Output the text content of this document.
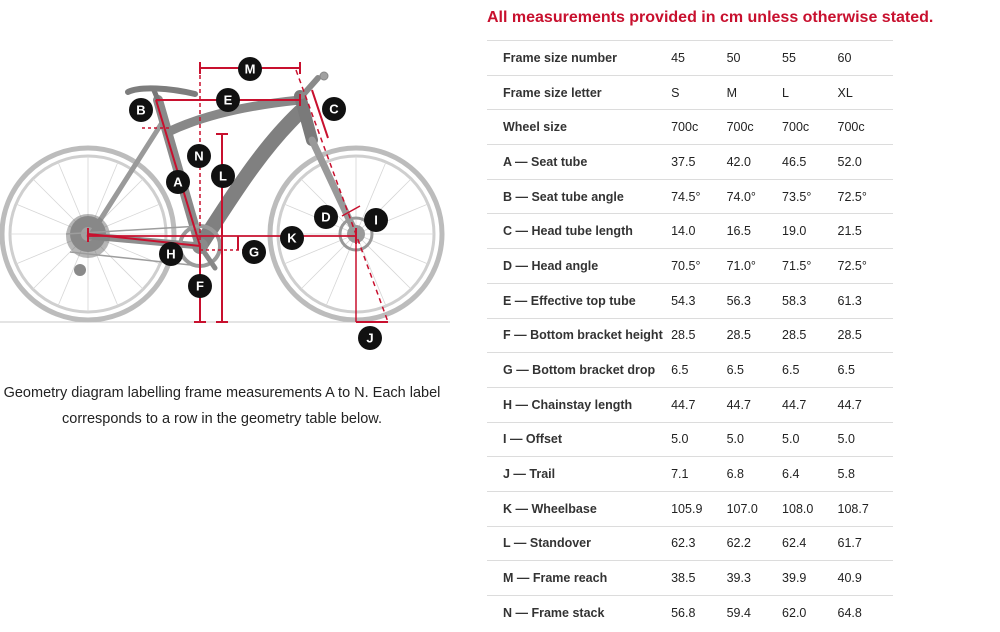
M
B
E
C
N
L
A
D	I
K
G
H
F
J
Geometry diagram labelling frame measurements A to N. Each label corresponds to a row in the geometry table below.
All measurements provided in cm unless otherwise stated.
Frame size number	45	50	55	60
Frame size letter	S	M	L	XL
Wheel size	700c	700c	700c	700c
A — Seat tube	37.5	42.0	46.5	52.0
B — Seat tube angle	74.5°	74.0°	73.5°	72.5°
C — Head tube length	14.0	16.5	19.0	21.5
D — Head angle	70.5°	71.0°	71.5°	72.5°
E — Effective top tube	54.3	56.3	58.3	61.3
F — Bottom bracket height	28.5	28.5	28.5	28.5
G — Bottom bracket drop	6.5	6.5	6.5	6.5
H — Chainstay length	44.7	44.7	44.7	44.7
I — Offset	5.0	5.0	5.0	5.0
J — Trail	7.1	6.8	6.4	5.8
K — Wheelbase	105.9	107.0	108.0	108.7
L — Standover	62.3	62.2	62.4	61.7
M — Frame reach	38.5	39.3	39.9	40.9
N — Frame stack	56.8	59.4	62.0	64.8
